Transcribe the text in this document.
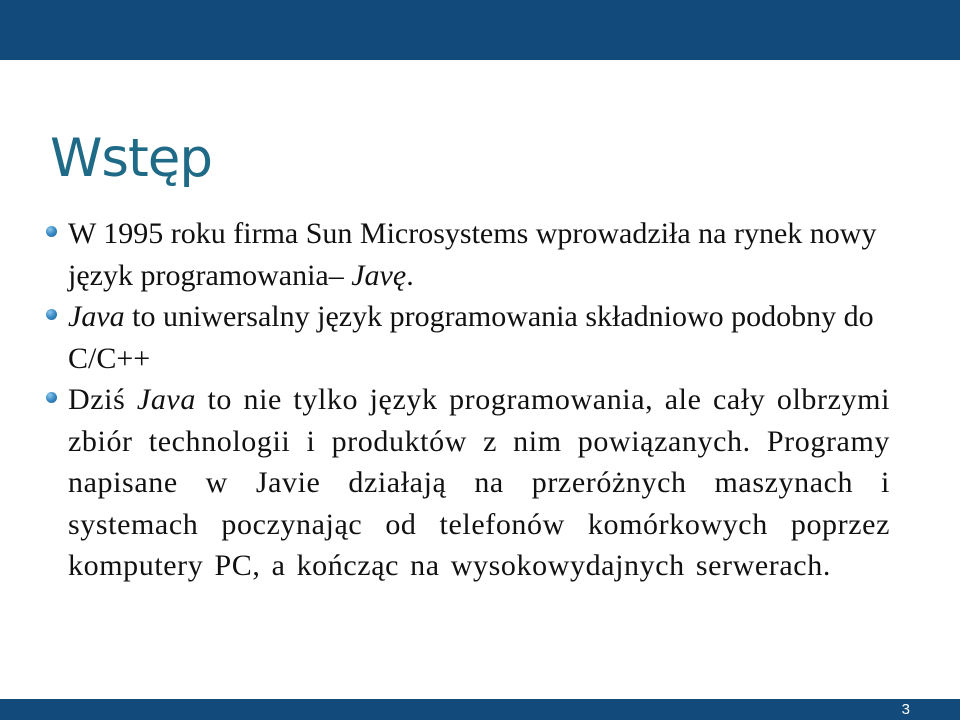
Wstęp

W 1995 roku firma Sun Microsystems wprowadziła na rynek nowy język programowania– Javę.

Java to uniwersalny język programowania składniowo podobny do C/C++

Dziś Java to nie tylko język programowania, ale cały olbrzymi zbiór technologii i produktów z nim powiązanych. Programy napisane w Javie działają na przeróżnych maszynach i systemach poczynając od telefonów komórkowych poprzez komputery PC, a kończąc na wysokowydajnych serwerach.

3
